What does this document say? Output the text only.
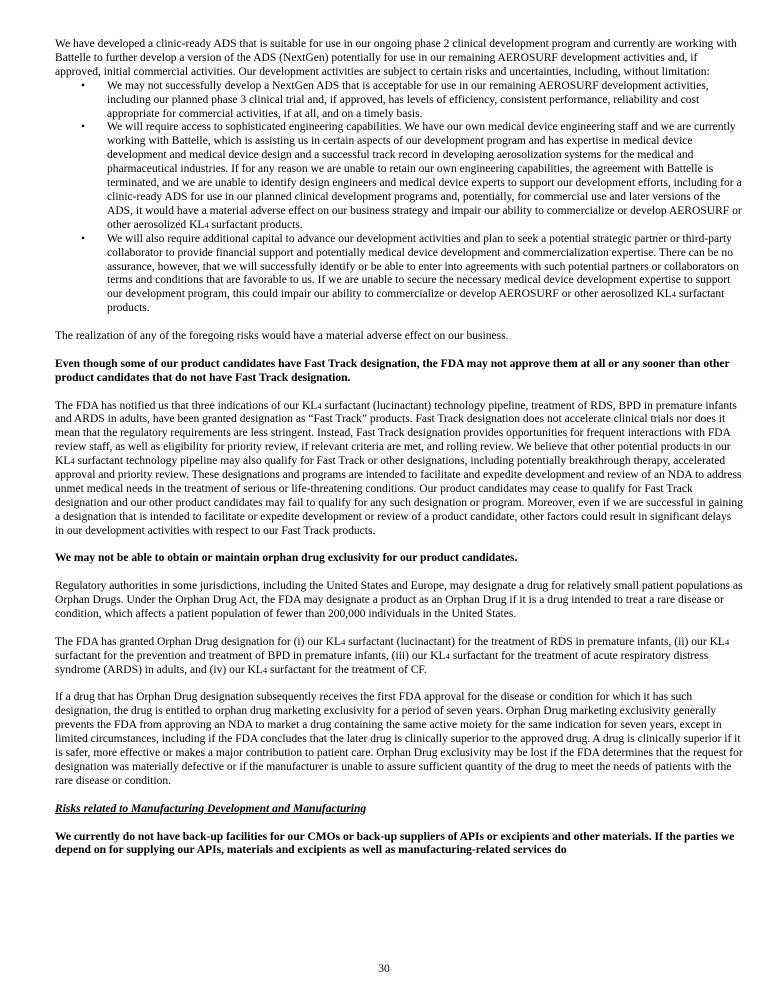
We have developed a clinic-ready ADS that is suitable for use in our ongoing phase 2 clinical development program and currently are working with Battelle to further develop a version of the ADS (NextGen) potentially for use in our remaining AEROSURF development activities and, if approved, initial commercial activities. Our development activities are subject to certain risks and uncertainties, including, without limitation:

• We may not successfully develop a NextGen ADS that is acceptable for use in our remaining AEROSURF development activities, including our planned phase 3 clinical trial and, if approved, has levels of efficiency, consistent performance, reliability and cost appropriate for commercial activities, if at all, and on a timely basis.
• We will require access to sophisticated engineering capabilities. We have our own medical device engineering staff and we are currently working with Battelle, which is assisting us in certain aspects of our development program and has expertise in medical device development and medical device design and a successful track record in developing aerosolization systems for the medical and pharmaceutical industries. If for any reason we are unable to retain our own engineering capabilities, the agreement with Battelle is terminated, and we are unable to identify design engineers and medical device experts to support our development efforts, including for a clinic-ready ADS for use in our planned clinical development programs and, potentially, for commercial use and later versions of the ADS, it would have a material adverse effect on our business strategy and impair our ability to commercialize or develop AEROSURF or other aerosolized KL4 surfactant products.
• We will also require additional capital to advance our development activities and plan to seek a potential strategic partner or third-party collaborator to provide financial support and potentially medical device development and commercialization expertise. There can be no assurance, however, that we will successfully identify or be able to enter into agreements with such potential partners or collaborators on terms and conditions that are favorable to us. If we are unable to secure the necessary medical device development expertise to support our development program, this could impair our ability to commercialize or develop AEROSURF or other aerosolized KL4 surfactant products.

The realization of any of the foregoing risks would have a material adverse effect on our business.

Even though some of our product candidates have Fast Track designation, the FDA may not approve them at all or any sooner than other product candidates that do not have Fast Track designation.

The FDA has notified us that three indications of our KL4 surfactant (lucinactant) technology pipeline, treatment of RDS, BPD in premature infants and ARDS in adults, have been granted designation as “Fast Track” products. Fast Track designation does not accelerate clinical trials nor does it mean that the regulatory requirements are less stringent. Instead, Fast Track designation provides opportunities for frequent interactions with FDA review staff, as well as eligibility for priority review, if relevant criteria are met, and rolling review. We believe that other potential products in our KL4 surfactant technology pipeline may also qualify for Fast Track or other designations, including potentially breakthrough therapy, accelerated approval and priority review. These designations and programs are intended to facilitate and expedite development and review of an NDA to address unmet medical needs in the treatment of serious or life-threatening conditions. Our product candidates may cease to qualify for Fast Track designation and our other product candidates may fail to qualify for any such designation or program. Moreover, even if we are successful in gaining a designation that is intended to facilitate or expedite development or review of a product candidate, other factors could result in significant delays in our development activities with respect to our Fast Track products.

We may not be able to obtain or maintain orphan drug exclusivity for our product candidates.

Regulatory authorities in some jurisdictions, including the United States and Europe, may designate a drug for relatively small patient populations as Orphan Drugs. Under the Orphan Drug Act, the FDA may designate a product as an Orphan Drug if it is a drug intended to treat a rare disease or condition, which affects a patient population of fewer than 200,000 individuals in the United States.

The FDA has granted Orphan Drug designation for (i) our KL4 surfactant (lucinactant) for the treatment of RDS in premature infants, (ii) our KL4 surfactant for the prevention and treatment of BPD in premature infants, (iii) our KL4 surfactant for the treatment of acute respiratory distress syndrome (ARDS) in adults, and (iv) our KL4 surfactant for the treatment of CF.

If a drug that has Orphan Drug designation subsequently receives the first FDA approval for the disease or condition for which it has such designation, the drug is entitled to orphan drug marketing exclusivity for a period of seven years. Orphan Drug marketing exclusivity generally prevents the FDA from approving an NDA to market a drug containing the same active moiety for the same indication for seven years, except in limited circumstances, including if the FDA concludes that the later drug is clinically superior to the approved drug. A drug is clinically superior if it is safer, more effective or makes a major contribution to patient care. Orphan Drug exclusivity may be lost if the FDA determines that the request for designation was materially defective or if the manufacturer is unable to assure sufficient quantity of the drug to meet the needs of patients with the rare disease or condition.

Risks related to Manufacturing Development and Manufacturing

We currently do not have back-up facilities for our CMOs or back-up suppliers of APIs or excipients and other materials. If the parties we depend on for supplying our APIs, materials and excipients as well as manufacturing-related services do

30
